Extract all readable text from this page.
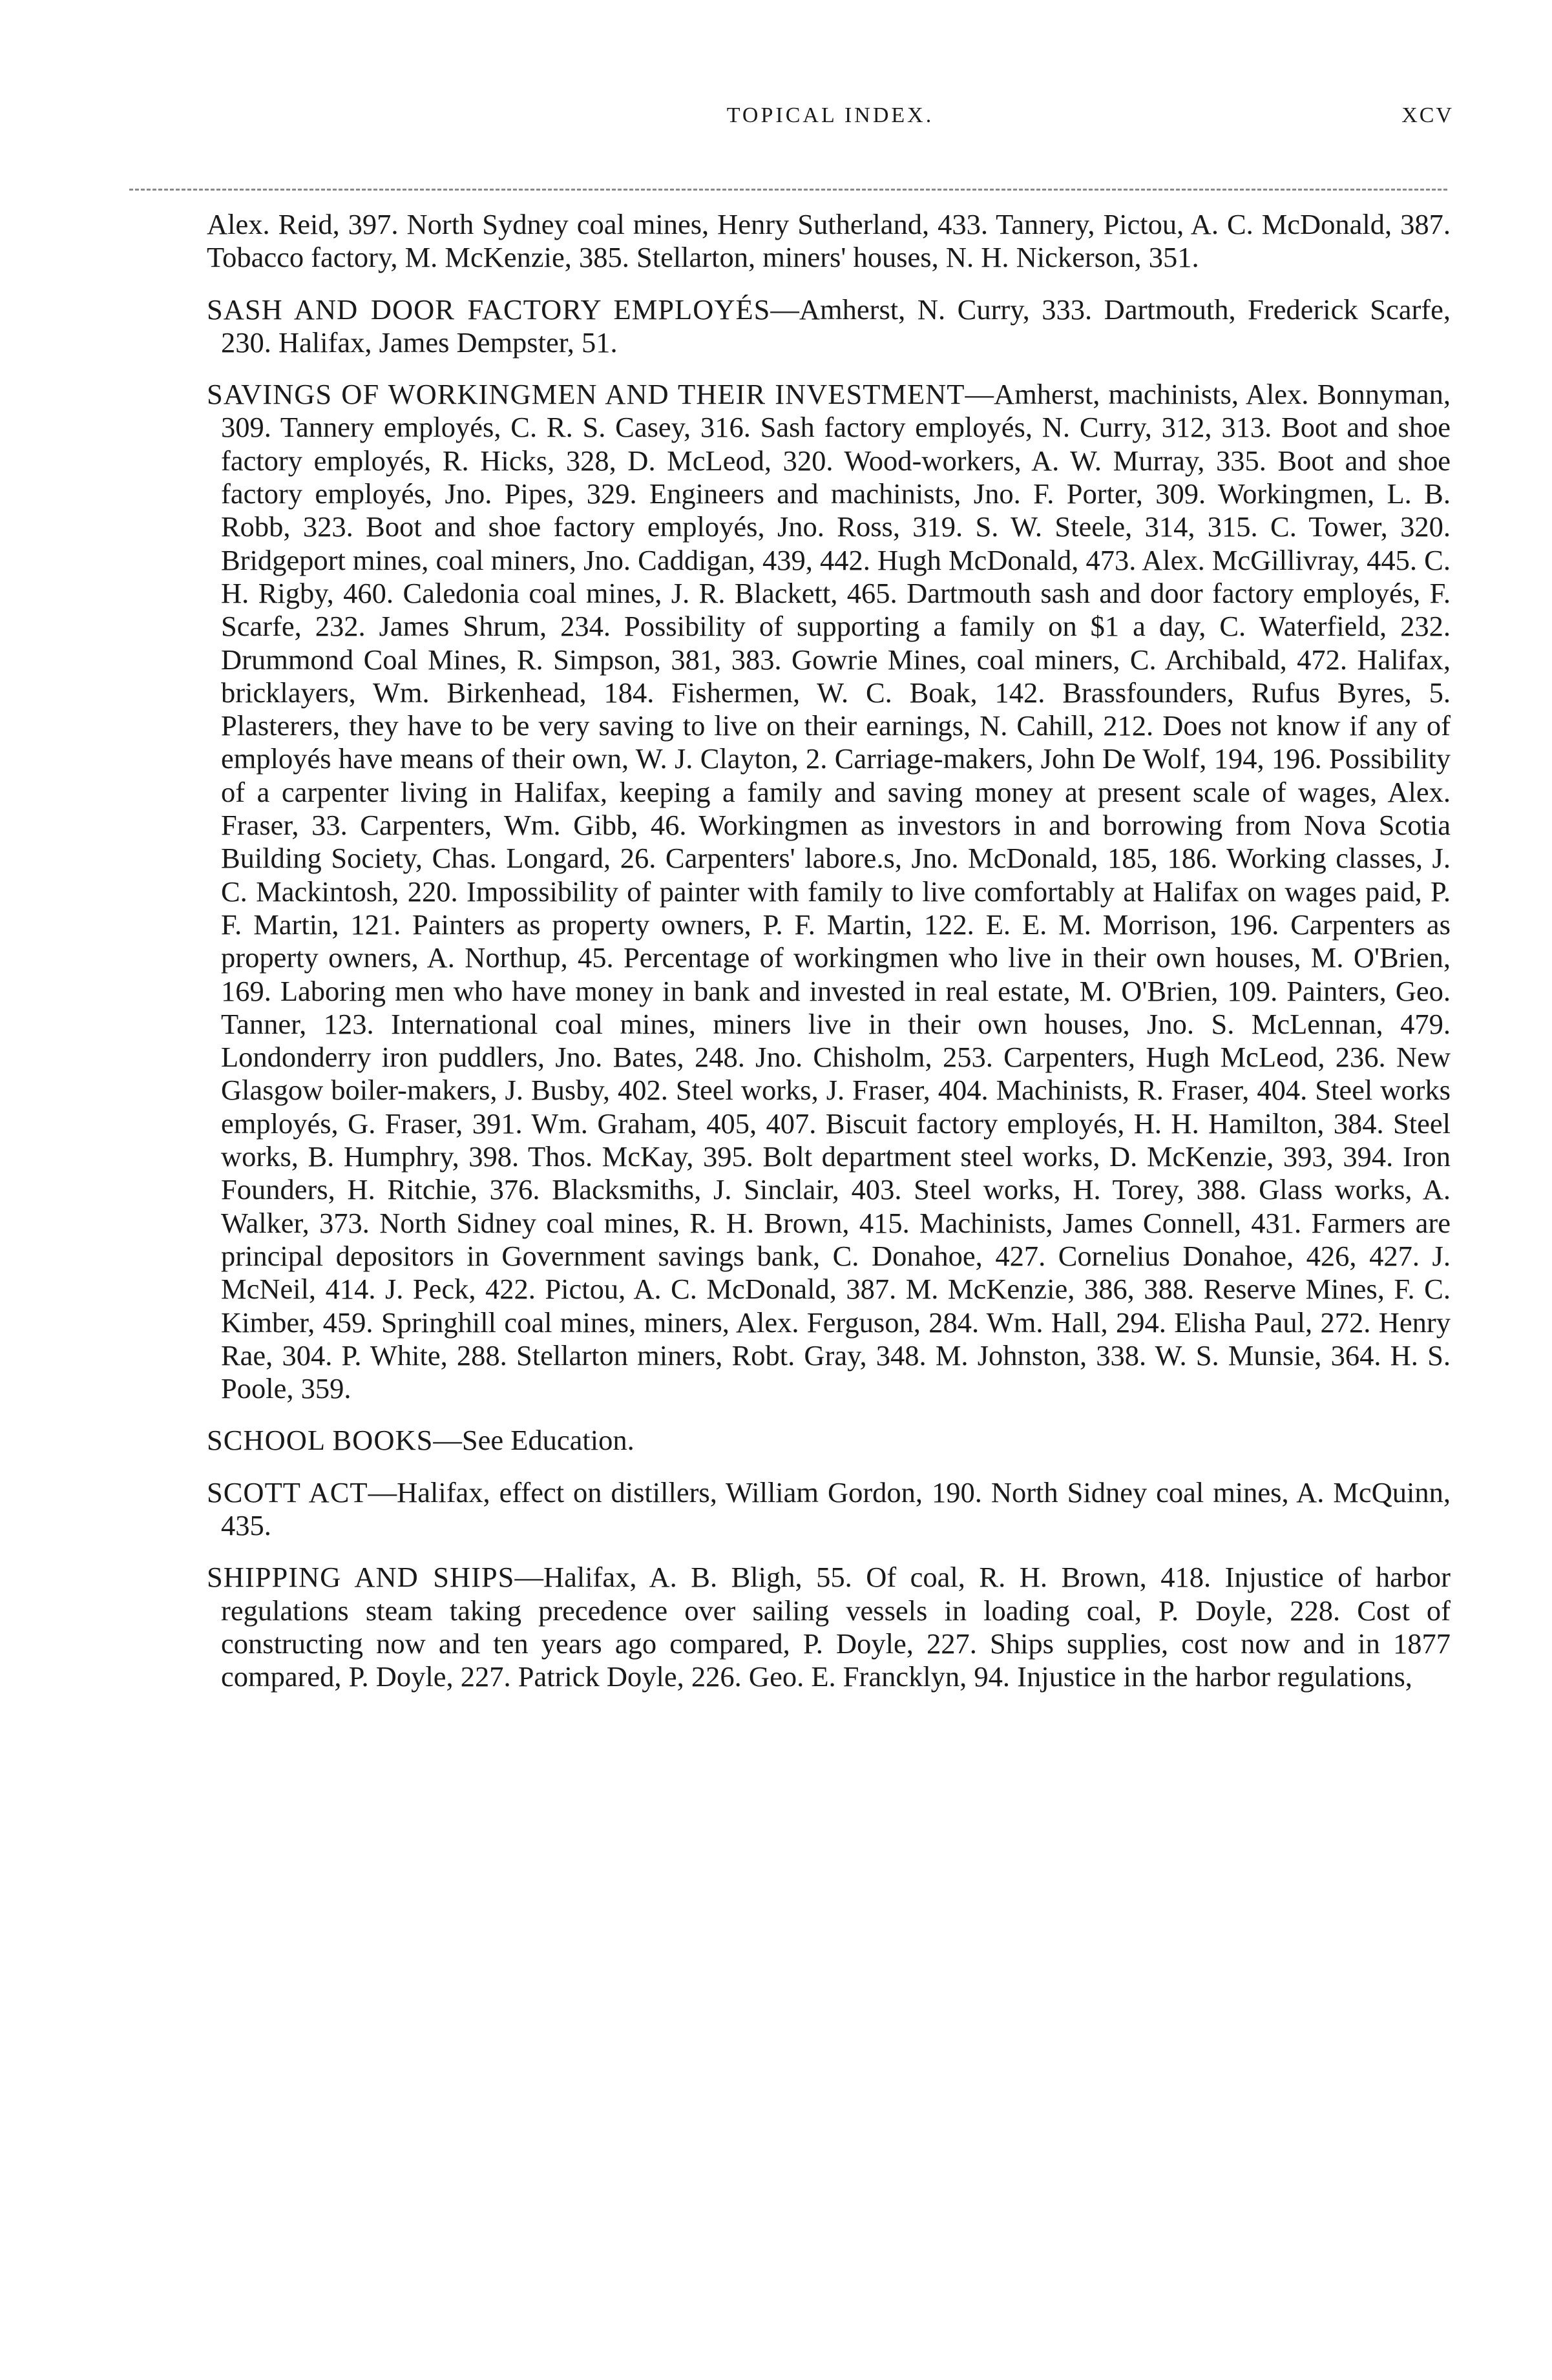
TOPICAL INDEX.	XCV

Alex. Reid, 397. North Sydney coal mines, Henry Sutherland, 433. Tannery, Pictou, A. C. McDonald, 387. Tobacco factory, M. McKenzie, 385. Stellarton, miners' houses, N. H. Nickerson, 351.

SASH AND DOOR FACTORY EMPLOYÉS—Amherst, N. Curry, 333. Dartmouth, Frederick Scarfe, 230. Halifax, James Dempster, 51.

SAVINGS OF WORKINGMEN AND THEIR INVESTMENT—Amherst, machinists, Alex. Bonnyman, 309. Tannery employés, C. R. S. Casey, 316. Sash factory employés, N. Curry, 312, 313. Boot and shoe factory employés, R. Hicks, 328, D. McLeod, 320. Wood-workers, A. W. Murray, 335. Boot and shoe factory employés, Jno. Pipes, 329. Engineers and machinists, Jno. F. Porter, 309. Workingmen, L. B. Robb, 323. Boot and shoe factory employés, Jno. Ross, 319. S. W. Steele, 314, 315. C. Tower, 320. Bridgeport mines, coal miners, Jno. Caddigan, 439, 442. Hugh McDonald, 473. Alex. McGillivray, 445. C. H. Rigby, 460. Caledonia coal mines, J. R. Blackett, 465. Dartmouth sash and door factory employés, F. Scarfe, 232. James Shrum, 234. Possibility of supporting a family on $1 a day, C. Waterfield, 232. Drummond Coal Mines, R. Simpson, 381, 383. Gowrie Mines, coal miners, C. Archibald, 472. Halifax, bricklayers, Wm. Birkenhead, 184. Fishermen, W. C. Boak, 142. Brassfounders, Rufus Byres, 5. Plasterers, they have to be very saving to live on their earnings, N. Cahill, 212. Does not know if any of employés have means of their own, W. J. Clayton, 2. Carriage-makers, John De Wolf, 194, 196. Possibility of a carpenter living in Halifax, keeping a family and saving money at present scale of wages, Alex. Fraser, 33. Carpenters, Wm. Gibb, 46. Workingmen as investors in and borrowing from Nova Scotia Building Society, Chas. Longard, 26. Carpenters' labore.s, Jno. McDonald, 185, 186. Working classes, J. C. Mackintosh, 220. Impossibility of painter with family to live comfortably at Halifax on wages paid, P. F. Martin, 121. Painters as property owners, P. F. Martin, 122. E. E. M. Morrison, 196. Carpenters as property owners, A. Northup, 45. Percentage of workingmen who live in their own houses, M. O'Brien, 169. Laboring men who have money in bank and invested in real estate, M. O'Brien, 109. Painters, Geo. Tanner, 123. International coal mines, miners live in their own houses, Jno. S. McLennan, 479. Londonderry iron puddlers, Jno. Bates, 248. Jno. Chisholm, 253. Carpenters, Hugh McLeod, 236. New Glasgow boiler-makers, J. Busby, 402. Steel works, J. Fraser, 404. Machinists, R. Fraser, 404. Steel works employés, G. Fraser, 391. Wm. Graham, 405, 407. Biscuit factory employés, H. H. Hamilton, 384. Steel works, B. Humphry, 398. Thos. McKay, 395. Bolt department steel works, D. McKenzie, 393, 394. Iron Founders, H. Ritchie, 376. Blacksmiths, J. Sinclair, 403. Steel works, H. Torey, 388. Glass works, A. Walker, 373. North Sidney coal mines, R. H. Brown, 415. Machinists, James Connell, 431. Farmers are principal depositors in Government savings bank, C. Donahoe, 427. Cornelius Donahoe, 426, 427. J. McNeil, 414. J. Peck, 422. Pictou, A. C. McDonald, 387. M. McKenzie, 386, 388. Reserve Mines, F. C. Kimber, 459. Springhill coal mines, miners, Alex. Ferguson, 284. Wm. Hall, 294. Elisha Paul, 272. Henry Rae, 304. P. White, 288. Stellarton miners, Robt. Gray, 348. M. Johnston, 338. W. S. Munsie, 364. H. S. Poole, 359.

SCHOOL BOOKS—See Education.

SCOTT ACT—Halifax, effect on distillers, William Gordon, 190. North Sidney coal mines, A. McQuinn, 435.

SHIPPING AND SHIPS—Halifax, A. B. Bligh, 55. Of coal, R. H. Brown, 418. Injustice of harbor regulations steam taking precedence over sailing vessels in loading coal, P. Doyle, 228. Cost of constructing now and ten years ago compared, P. Doyle, 227. Ships supplies, cost now and in 1877 compared, P. Doyle, 227. Patrick Doyle, 226. Geo. E. Francklyn, 94. Injustice in the harbor regulations,
